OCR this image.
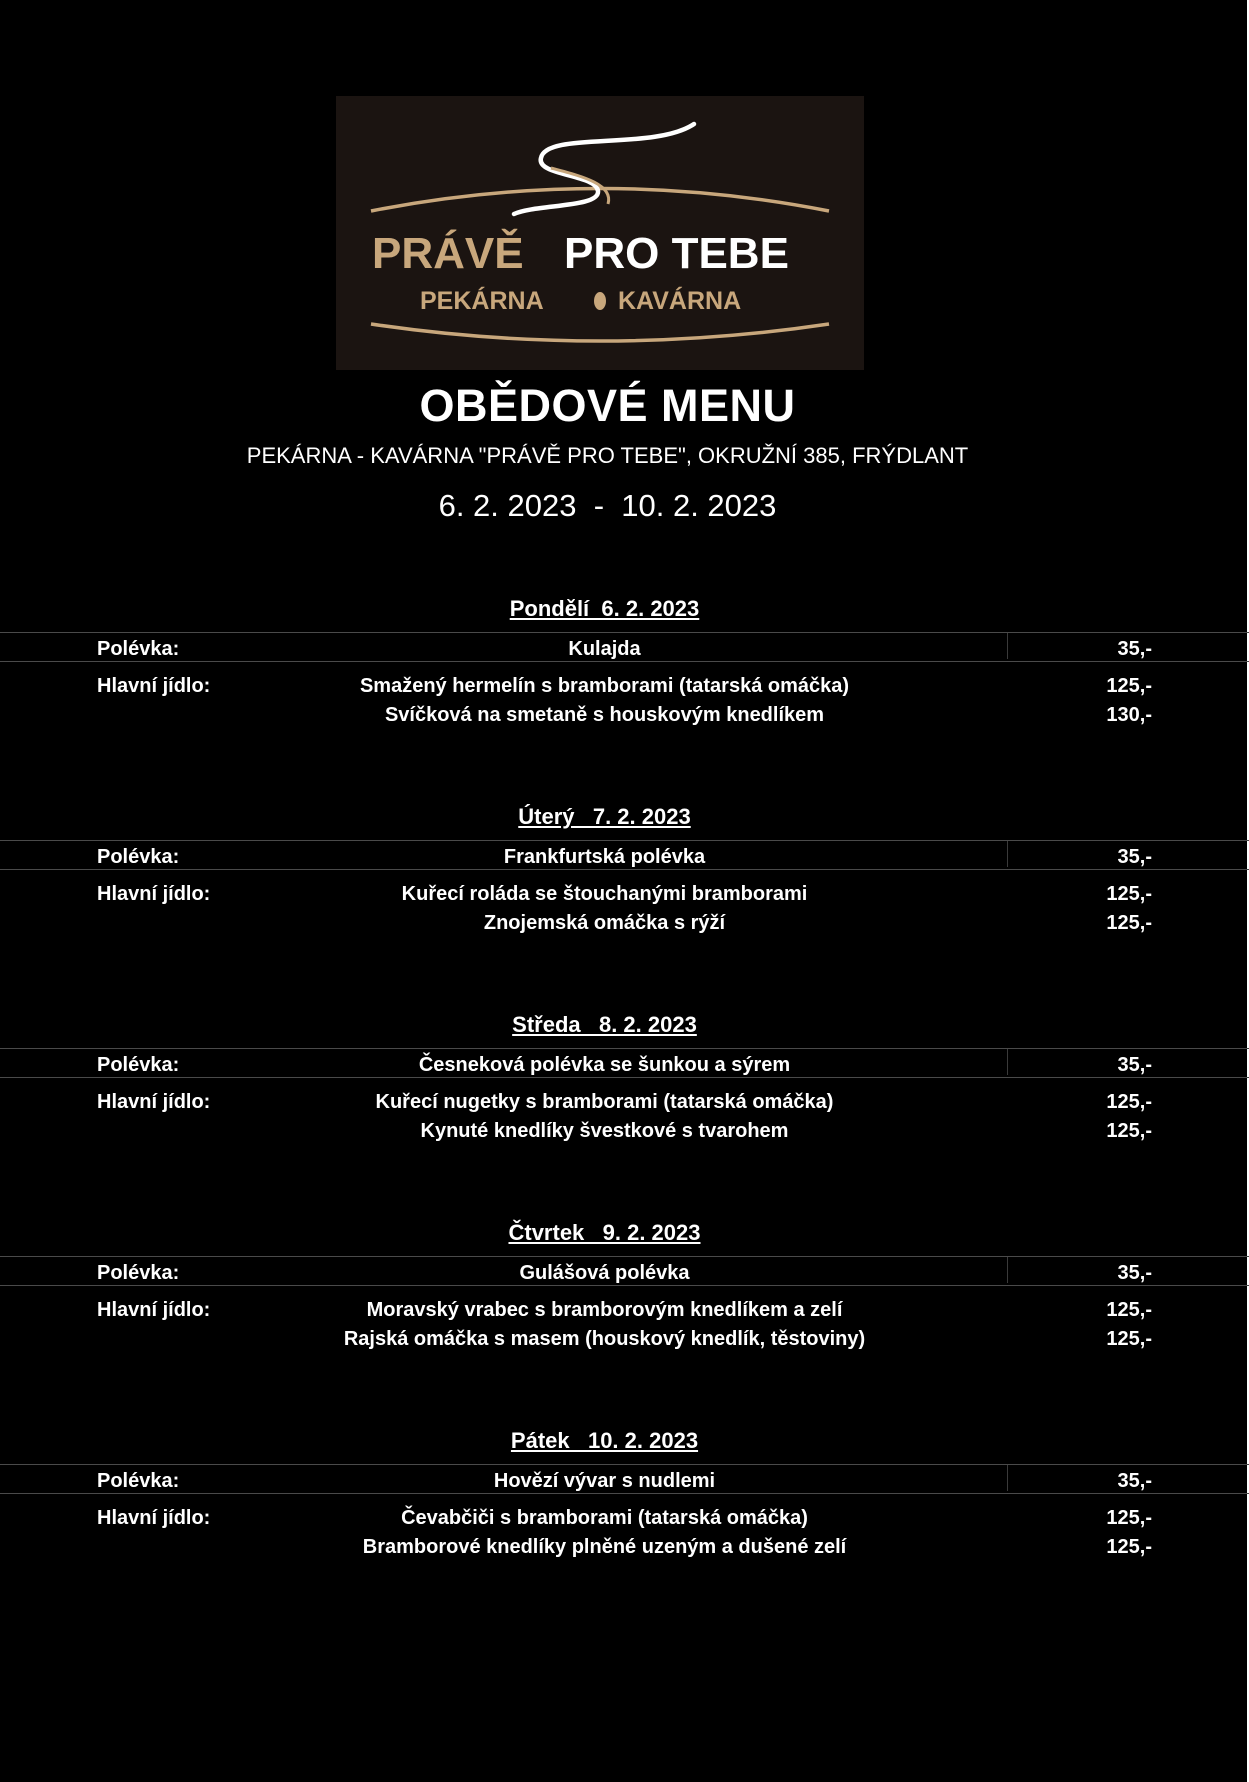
PRÁVĚ PRO TEBE
PEKÁRNA	KAVÁRNA
OBĚDOVÉ MENU
PEKÁRNA - KAVÁRNA "PRÁVĚ PRO TEBE", OKRUŽNÍ 385, FRÝDLANT
6. 2. 2023  -  10. 2. 2023
Pondělí  6. 2. 2023
Polévka:	Kulajda	35,-
Hlavní jídlo:	Smažený hermelín s bramborami (tatarská omáčka)	125,-
Svíčková na smetaně s houskovým knedlíkem	130,-
Úterý   7. 2. 2023
Polévka:	Frankfurtská polévka	35,-
Hlavní jídlo:	Kuřecí roláda se štouchanými bramborami	125,-
Znojemská omáčka s rýží	125,-
Středa   8. 2. 2023
Polévka:	Česneková polévka se šunkou a sýrem	35,-
Hlavní jídlo:	Kuřecí nugetky s bramborami (tatarská omáčka)	125,-
Kynuté knedlíky švestkové s tvarohem	125,-
Čtvrtek   9. 2. 2023
Polévka:	Gulášová polévka	35,-
Hlavní jídlo:	Moravský vrabec s bramborovým knedlíkem a zelí	125,-
Rajská omáčka s masem (houskový knedlík, těstoviny)	125,-
Pátek   10. 2. 2023
Polévka:	Hovězí vývar s nudlemi	35,-
Hlavní jídlo:	Čevabčiči s bramborami (tatarská omáčka)	125,-
Bramborové knedlíky plněné uzeným a dušené zelí	125,-
